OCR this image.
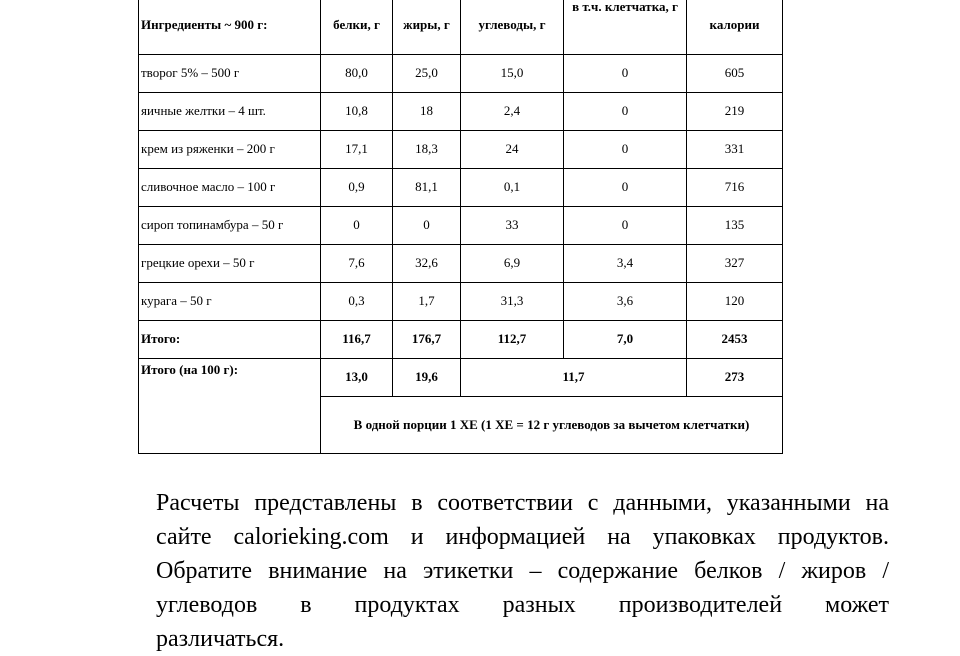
Ингредиенты ~ 900 г:	белки, г	жиры, г	углеводы, г	в т.ч. клетчатка, г	калории
творог 5% – 500 г	80,0	25,0	15,0	0	605
яичные желтки – 4 шт.	10,8	18	2,4	0	219
крем из ряженки – 200 г	17,1	18,3	24	0	331
сливочное масло – 100 г	0,9	81,1	0,1	0	716
сироп топинамбура – 50 г	0	0	33	0	135
грецкие орехи – 50 г	7,6	32,6	6,9	3,4	327
курага – 50 г	0,3	1,7	31,3	3,6	120
Итого:	116,7	176,7	112,7	7,0	2453
Итого (на 100 г):	13,0	19,6	11,7		273
	В одной порции 1 ХЕ (1 ХЕ = 12 г углеводов за вычетом клетчатки)				

Расчеты представлены в соответствии с данными, указанными на
сайте calorieking.com и информацией на упаковках продуктов.
Обратите внимание на этикетки – содержание белков / жиров /
углеводов в продуктах разных производителей может
различаться.
